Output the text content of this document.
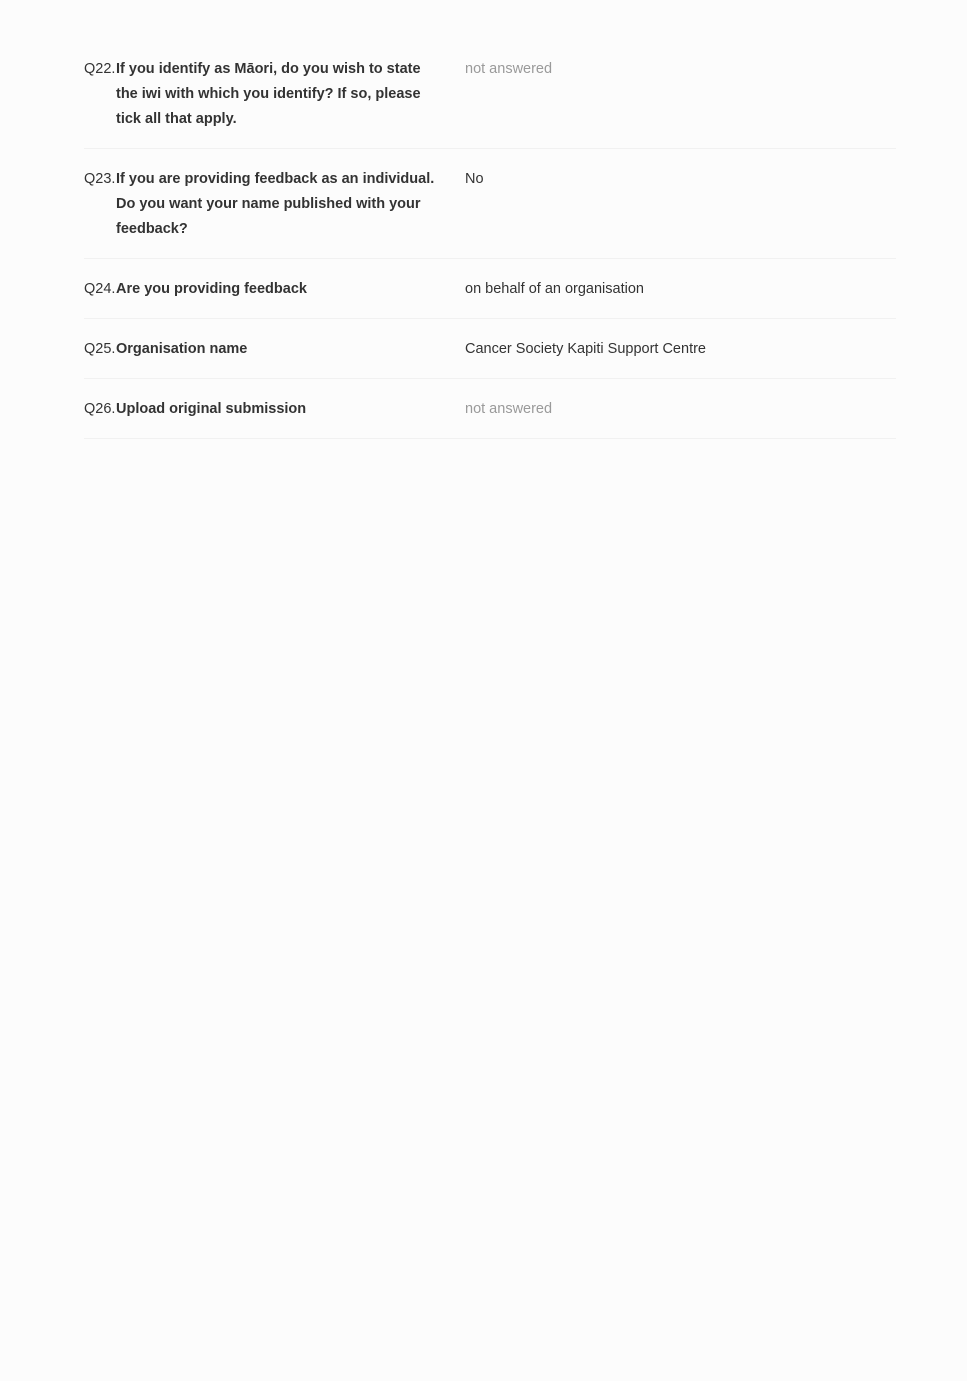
Q22. If you identify as Māori, do you wish to state the iwi with which you identify? If so, please tick all that apply.
not answered
Q23. If you are providing feedback as an individual. Do you want your name published with your feedback?
No
Q24. Are you providing feedback	on behalf of an organisation
Q25. Organisation name	Cancer Society Kapiti Support Centre
Q26. Upload original submission	not answered
